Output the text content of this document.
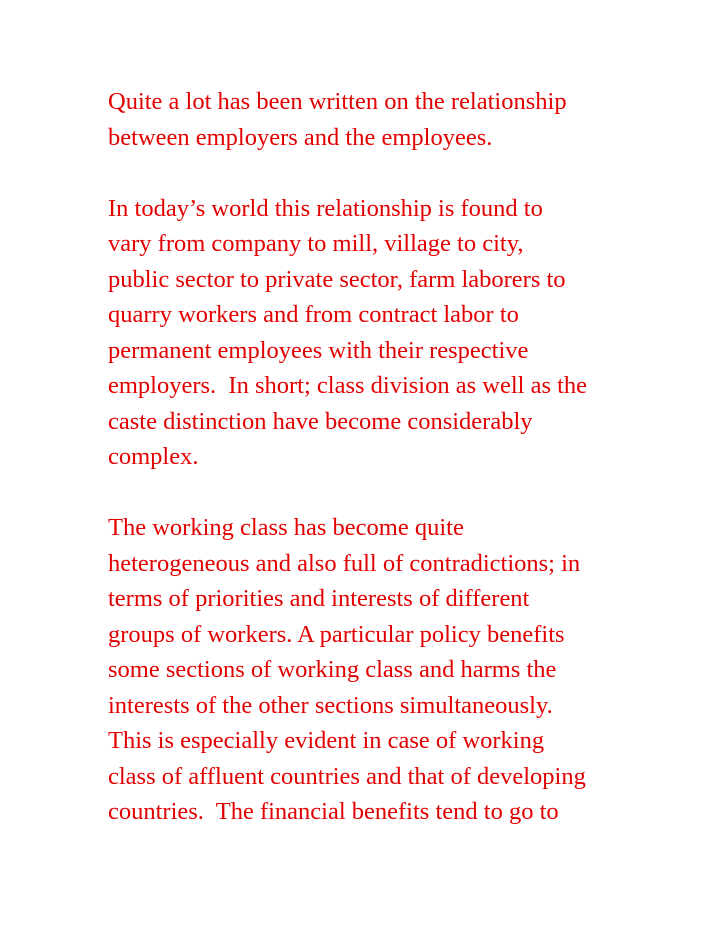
Quite a lot has been written on the relationship
between employers and the employees.
In today’s world this relationship is found to
vary from company to mill, village to city,
public sector to private sector, farm laborers to
quarry workers and from contract labor to
permanent employees with their respective
employers.  In short; class division as well as the
caste distinction have become considerably
complex.
The working class has become quite
heterogeneous and also full of contradictions; in
terms of priorities and interests of different
groups of workers. A particular policy benefits
some sections of working class and harms the
interests of the other sections simultaneously.
This is especially evident in case of working
class of affluent countries and that of developing
countries.  The financial benefits tend to go to
